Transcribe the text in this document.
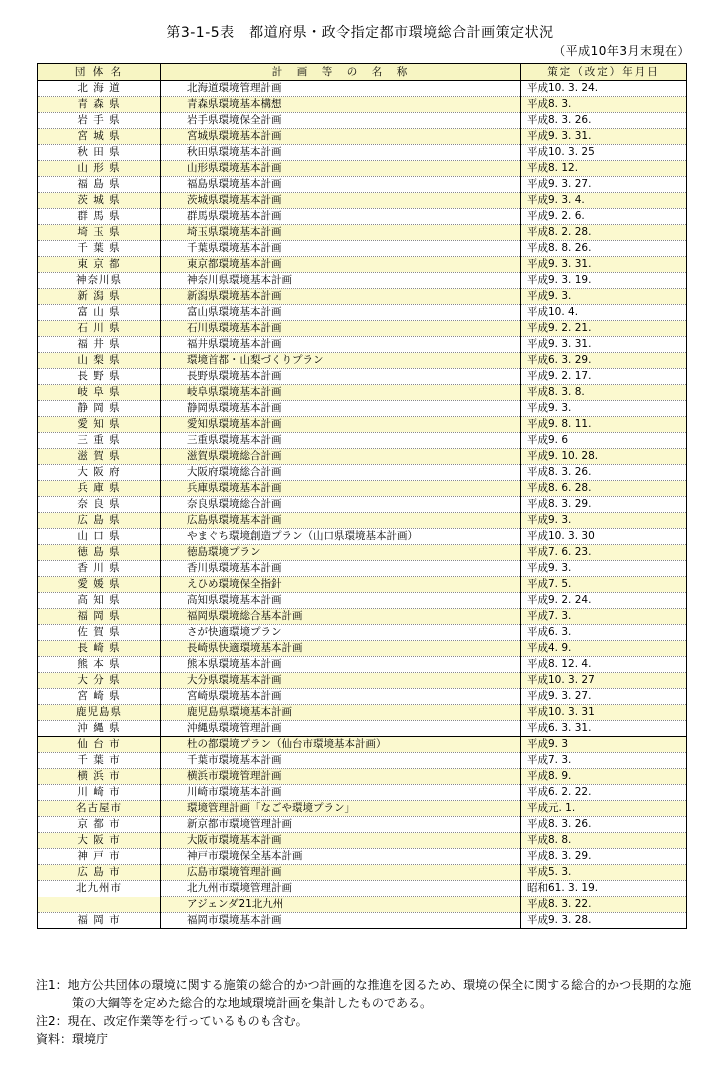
第3-1-5表　都道府県・政令指定都市環境総合計画策定状況
（平成10年3月末現在）
団 体 名	計　画　等　の　名　称	策定（改定）年月日
北 海 道	北海道環境管理計画	平成10. 3. 24.
青 森 県	青森県環境基本構想	平成8. 3.
岩 手 県	岩手県環境保全計画	平成8. 3. 26.
宮 城 県	宮城県環境基本計画	平成9. 3. 31.
秋 田 県	秋田県環境基本計画	平成10. 3. 25
山 形 県	山形県環境基本計画	平成8. 12.
福 島 県	福島県環境基本計画	平成9. 3. 27.
茨 城 県	茨城県環境基本計画	平成9. 3. 4.
群 馬 県	群馬県環境基本計画	平成9. 2. 6.
埼 玉 県	埼玉県環境基本計画	平成8. 2. 28.
千 葉 県	千葉県環境基本計画	平成8. 8. 26.
東 京 都	東京都環境基本計画	平成9. 3. 31.
神奈川県	神奈川県環境基本計画	平成9. 3. 19.
新 潟 県	新潟県環境基本計画	平成9. 3.
富 山 県	富山県環境基本計画	平成10. 4.
石 川 県	石川県環境基本計画	平成9. 2. 21.
福 井 県	福井県環境基本計画	平成9. 3. 31.
山 梨 県	環境首都・山梨づくりプラン	平成6. 3. 29.
長 野 県	長野県環境基本計画	平成9. 2. 17.
岐 阜 県	岐阜県環境基本計画	平成8. 3. 8.
静 岡 県	静岡県環境基本計画	平成9. 3.
愛 知 県	愛知県環境基本計画	平成9. 8. 11.
三 重 県	三重県環境基本計画	平成9. 6
滋 賀 県	滋賀県環境総合計画	平成9. 10. 28.
大 阪 府	大阪府環境総合計画	平成8. 3. 26.
兵 庫 県	兵庫県環境基本計画	平成8. 6. 28.
奈 良 県	奈良県環境総合計画	平成8. 3. 29.
広 島 県	広島県環境基本計画	平成9. 3.
山 口 県	やまぐち環境創造プラン（山口県環境基本計画）	平成10. 3. 30
徳 島 県	徳島環境プラン	平成7. 6. 23.
香 川 県	香川県環境基本計画	平成9. 3.
愛 媛 県	えひめ環境保全指針	平成7. 5.
高 知 県	高知県環境基本計画	平成9. 2. 24.
福 岡 県	福岡県環境総合基本計画	平成7. 3.
佐 賀 県	さが快適環境プラン	平成6. 3.
長 崎 県	長崎県快適環境基本計画	平成4. 9.
熊 本 県	熊本県環境基本計画	平成8. 12. 4.
大 分 県	大分県環境基本計画	平成10. 3. 27
宮 崎 県	宮崎県環境基本計画	平成9. 3. 27.
鹿児島県	鹿児島県環境基本計画	平成10. 3. 31
沖 縄 県	沖縄県環境管理計画	平成6. 3. 31.
仙 台 市	杜の都環境プラン（仙台市環境基本計画）	平成9. 3
千 葉 市	千葉市環境基本計画	平成7. 3.
横 浜 市	横浜市環境管理計画	平成8. 9.
川 崎 市	川崎市環境基本計画	平成6. 2. 22.
名古屋市	環境管理計画「なごや環境プラン」	平成元. 1.
京 都 市	新京都市環境管理計画	平成8. 3. 26.
大 阪 市	大阪市環境基本計画	平成8. 8.
神 戸 市	神戸市環境保全基本計画	平成8. 3. 29.
広 島 市	広島市環境管理計画	平成5. 3.
北九州市	北九州市環境管理計画	昭和61. 3. 19.
	アジェンダ21北九州	平成8. 3. 22.
福 岡 市	福岡市環境基本計画	平成9. 3. 28.

注1：地方公共団体の環境に関する施策の総合的かつ計画的な推進を図るため、環境の保全に関する総合的かつ長期的な施策の大綱等を定めた総合的な地域環境計画を集計したものである。

注2：現在、改定作業等を行っているものも含む。

資料：環境庁
